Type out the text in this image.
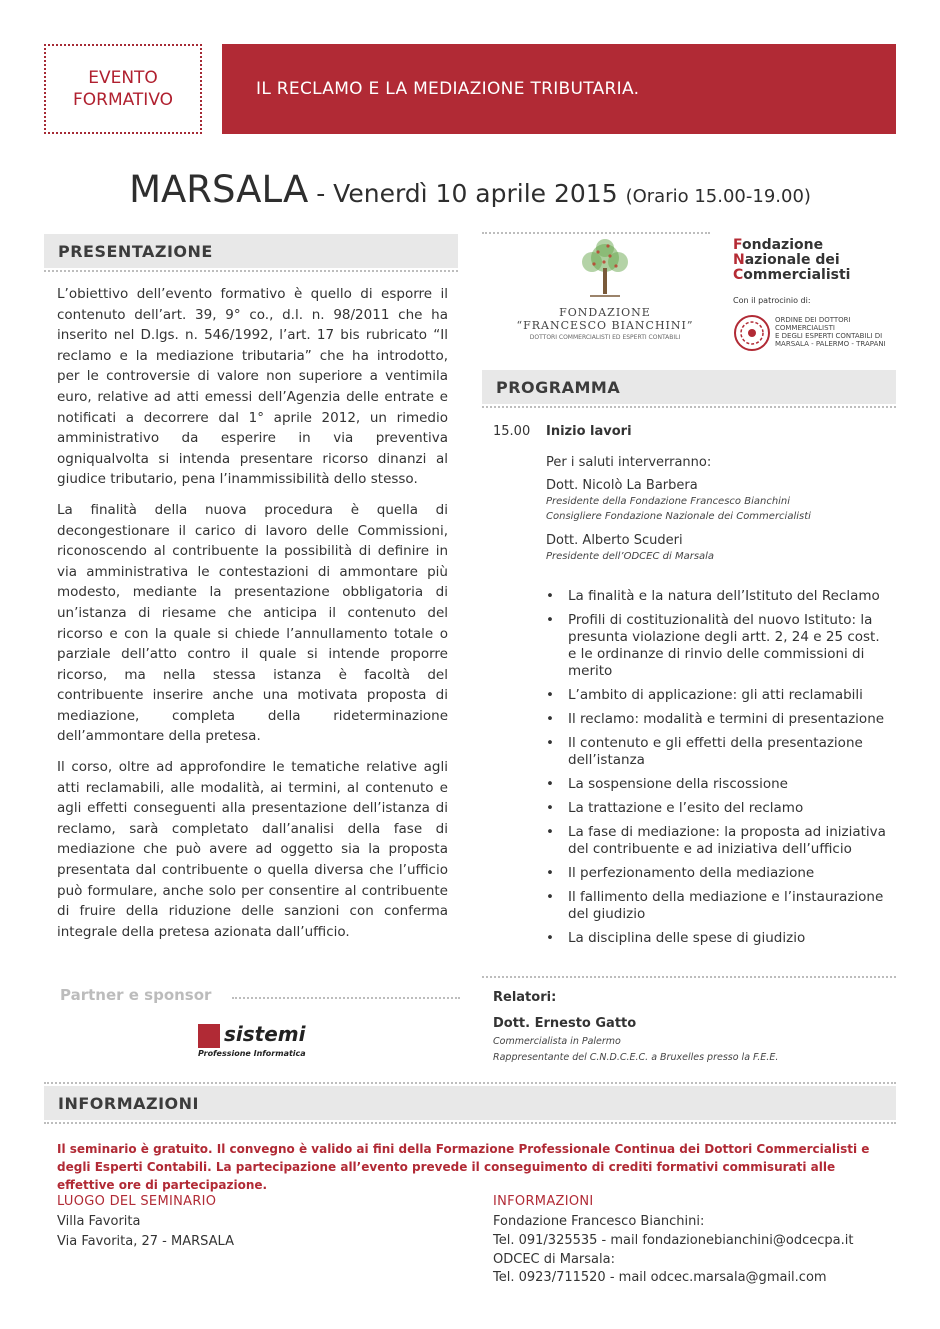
EVENTO
FORMATIVO
IL RECLAMO E LA MEDIAZIONE TRIBUTARIA.
MARSALA - Venerdì 10 aprile 2015 (Orario 15.00-19.00)
PRESENTAZIONE

L’obiettivo dell’evento formativo è quello di esporre il contenuto dell’art. 39, 9° co., d.l. n. 98/2011 che ha inserito nel D.lgs. n. 546/1992, l’art. 17 bis rubricato “Il reclamo e la mediazione tributaria” che ha introdotto, per le controversie di valore non superiore a ventimila euro, relative ad atti emessi dell’Agenzia delle entrate e notificati a decorrere dal 1° aprile 2012, un rimedio amministrativo da esperire in via preventiva ogniqualvolta si intenda presentare ricorso dinanzi al giudice tributario, pena l’inammissibilità dello stesso.

La finalità della nuova procedura è quella di decongestionare il carico di lavoro delle Commissioni, riconoscendo al contribuente la possibilità di definire in via amministrativa le contestazioni di ammontare più modesto, mediante la presentazione obbligatoria di un’istanza di riesame che anticipa il contenuto del ricorso e con la quale si chiede l’annullamento totale o parziale dell’atto contro il quale si intende proporre ricorso, ma nella stessa istanza è facoltà del contribuente inserire anche una motivata proposta di mediazione, completa della rideterminazione dell’ammontare della pretesa.

Il corso, oltre ad approfondire le tematiche relative agli atti reclamabili, alle modalità, ai termini, al contenuto e agli effetti conseguenti alla presentazione dell’istanza di reclamo, sarà completato dall’analisi della fase di mediazione che può avere ad oggetto sia la proposta presentata dal contribuente o quella diversa che l’ufficio può formulare, anche solo per consentire al contribuente di fruire della riduzione delle sanzioni con conferma integrale della pretesa azionata dall’ufficio.

FONDAZIONE
“FRANCESCO BIANCHINI”
DOTTORI COMMERCIALISTI ED ESPERTI CONTABILI
Fondazione
Nazionale dei
Commercialisti
Con il patrocinio di:
ORDINE DEI DOTTORI
COMMERCIALISTI
E DEGLI ESPERTI CONTABILI DI
MARSALA - PALERMO - TRAPANI
PROGRAMMA
15.00 Inizio lavori
Per i saluti interverranno:
Dott. Nicolò La Barbera
Presidente della Fondazione Francesco Bianchini
Consigliere Fondazione Nazionale dei Commercialisti
Dott. Alberto Scuderi
Presidente dell’ODCEC di Marsala
• La finalità e la natura dell’Istituto del Reclamo
• Profili di costituzionalità del nuovo Istituto: la presunta violazione degli artt. 2, 24 e 25 cost. e le ordinanze di rinvio delle commissioni di merito
• L’ambito di applicazione: gli atti reclamabili
• Il reclamo: modalità e termini di presentazione
• Il contenuto e gli effetti della presentazione dell’istanza
• La sospensione della riscossione
• La trattazione e l’esito del reclamo
• La fase di mediazione: la proposta ad iniziativa del contribuente e ad iniziativa dell’ufficio
• Il perfezionamento della mediazione
• Il fallimento della mediazione e l’instaurazione del giudizio
• La disciplina delle spese di giudizio
Relatori:
Dott. Ernesto Gatto
Commercialista in Palermo
Rappresentante del C.N.D.C.E.C. a Bruxelles presso la F.E.E.
Partner e sponsor
sistemi
Professione Informatica
INFORMAZIONI
Il seminario è gratuito. Il convegno è valido ai fini della Formazione Professionale Continua dei Dottori Commercialisti e degli Esperti Contabili. La partecipazione all’evento prevede il conseguimento di crediti formativi commisurati alle effettive ore di partecipazione.
LUOGO DEL SEMINARIO
Villa Favorita
Via Favorita, 27 - MARSALA
INFORMAZIONI
Fondazione Francesco Bianchini:
Tel. 091/325535 - mail fondazionebianchini@odcecpa.it
ODCEC di Marsala:
Tel. 0923/711520 - mail odcec.marsala@gmail.com
